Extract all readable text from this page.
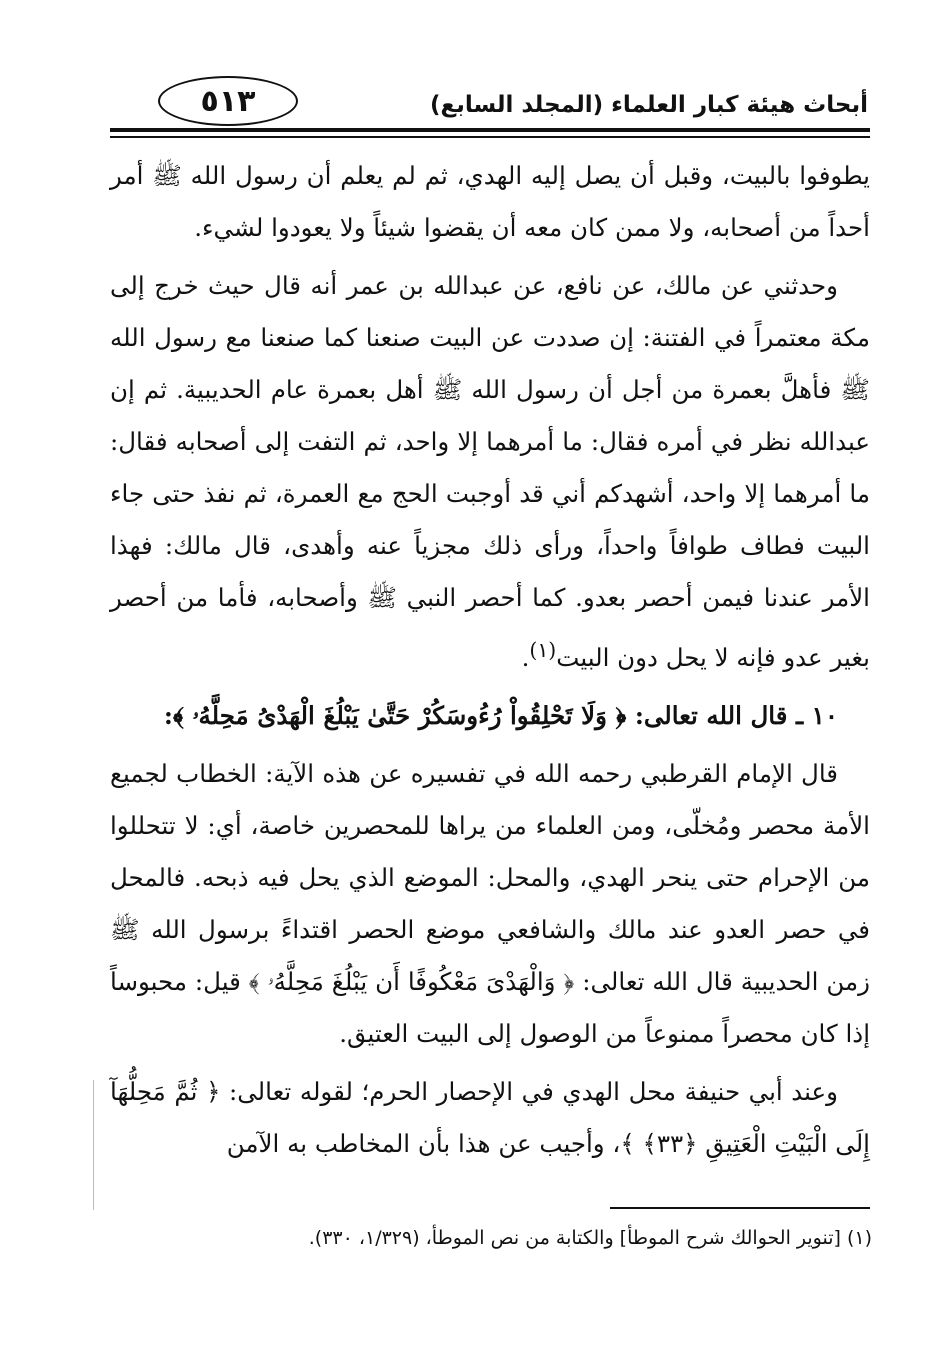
أبحاث هيئة كبار العلماء (المجلد السابع)
٥١٣

يطوفوا بالبيت، وقبل أن يصل إليه الهدي، ثم لم يعلم أن رسول الله ﷺ أمر أحداً من أصحابه، ولا ممن كان معه أن يقضوا شيئاً ولا يعودوا لشيء.

وحدثني عن مالك، عن نافع، عن عبدالله بن عمر أنه قال حيث خرج إلى مكة معتمراً في الفتنة: إن صددت عن البيت صنعنا كما صنعنا مع رسول الله ﷺ فأهلَّ بعمرة من أجل أن رسول الله ﷺ أهل بعمرة عام الحديبية. ثم إن عبدالله نظر في أمره فقال: ما أمرهما إلا واحد، ثم التفت إلى أصحابه فقال: ما أمرهما إلا واحد، أشهدكم أني قد أوجبت الحج مع العمرة، ثم نفذ حتى جاء البيت فطاف طوافاً واحداً، ورأى ذلك مجزياً عنه وأهدى، قال مالك: فهذا الأمر عندنا فيمن أحصر بعدو. كما أحصر النبي ﷺ وأصحابه، فأما من أحصر بغير عدو فإنه لا يحل دون البيت$^{(١)}$.

١٠ ـ قال الله تعالى: ﴿ وَلَا تَحْلِقُواْ رُءُوسَكُرْ حَتَّىٰ يَبْلُغَ الْهَدْىُ مَحِلَّهُۥ ﴾:

قال الإمام القرطبي رحمه الله في تفسيره عن هذه الآية: الخطاب لجميع الأمة محصر ومُخلّى، ومن العلماء من يراها للمحصرين خاصة، أي: لا تتحللوا من الإحرام حتى ينحر الهدي، والمحل: الموضع الذي يحل فيه ذبحه. فالمحل في حصر العدو عند مالك والشافعي موضع الحصر اقتداءً برسول الله ﷺ زمن الحديبية قال الله تعالى: ﴿ وَالْهَدْىَ مَعْكُوفًا أَن يَبْلُغَ مَحِلَّهُۥ ﴾ قيل: محبوساً إذا كان محصراً ممنوعاً من الوصول إلى البيت العتيق.

وعند أبي حنيفة محل الهدي في الإحصار الحرم؛ لقوله تعالى: ﴿ ثُمَّ مَحِلُّهَآ إِلَى الْبَيْتِ الْعَتِيقِ ﴿٣٣﴾ ﴾، وأجيب عن هذا بأن المخاطب به الآمن

(١) [تنوير الحوالك شرح الموطأ] والكتابة من نص الموطأ، (١/٣٢٩، ٣٣٠).
